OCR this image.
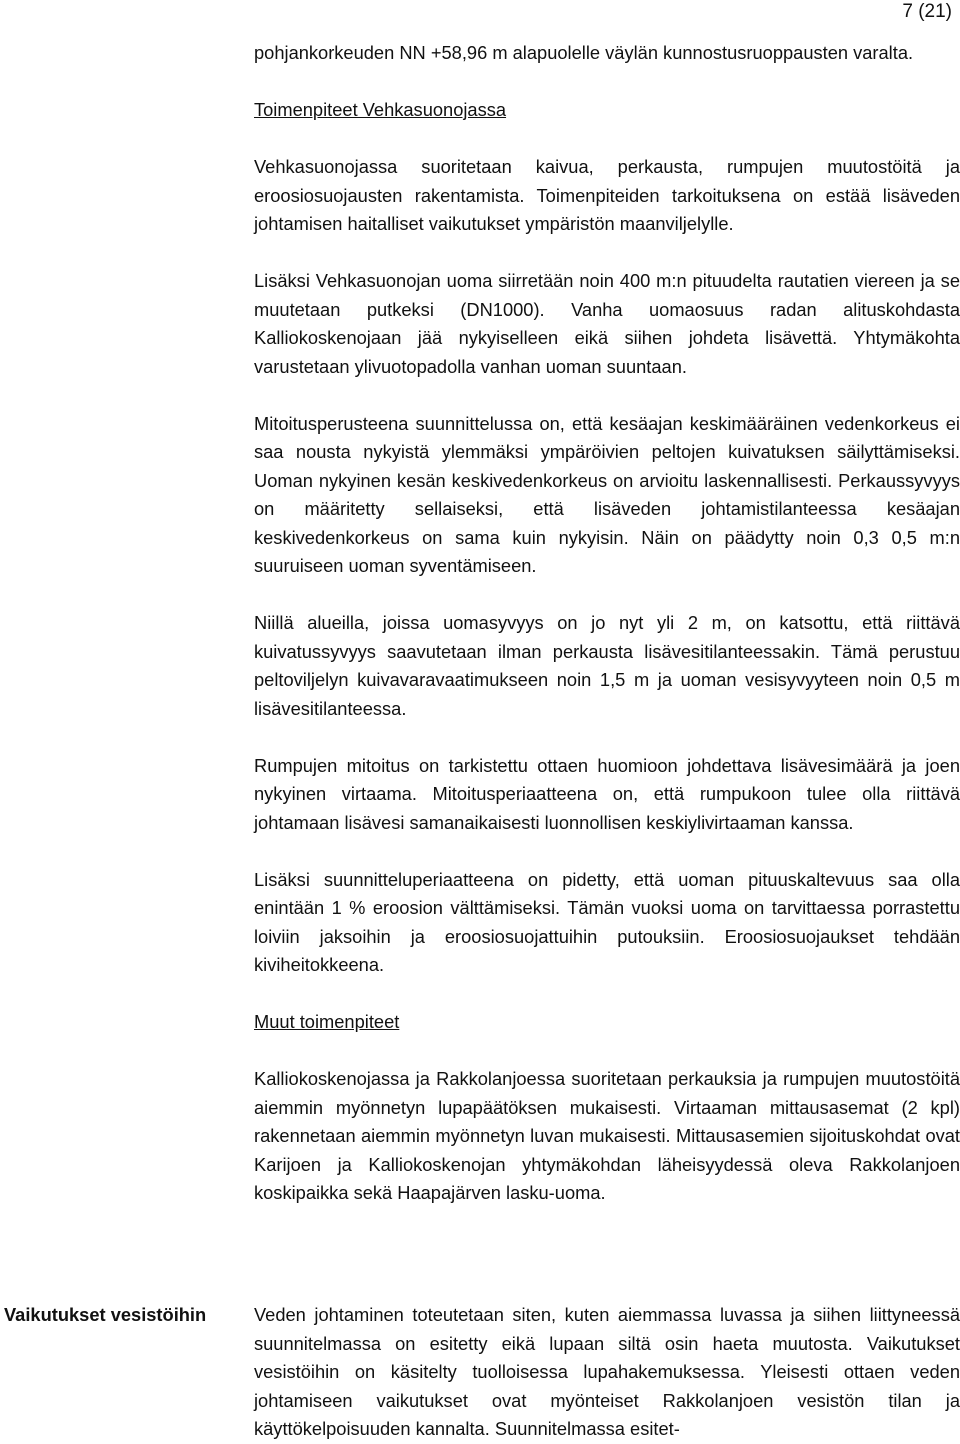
7 (21)

pohjankorkeuden NN +58,96 m alapuolelle väylän kunnostusruoppausten varalta.

Toimenpiteet Vehkasuonojassa

Vehkasuonojassa suoritetaan kaivua, perkausta, rumpujen muutostöitä ja eroosiosuojausten rakentamista. Toimenpiteiden tarkoituksena on estää lisäveden johtamisen haitalliset vaikutukset ympäristön maanviljelylle.

Lisäksi Vehkasuonojan uoma siirretään noin 400 m:n pituudelta rautatien viereen ja se muutetaan putkeksi (DN1000). Vanha uomaosuus radan alituskohdasta Kalliokoskenojaan jää nykyiselleen eikä siihen johdeta lisävettä. Yhtymäkohta varustetaan ylivuotopadolla vanhan uoman suuntaan.

Mitoitusperusteena suunnittelussa on, että kesäajan keskimääräinen vedenkorkeus ei saa nousta nykyistä ylemmäksi ympäröivien peltojen kuivatuksen säilyttämiseksi. Uoman nykyinen kesän keskivedenkorkeus on arvioitu laskennallisesti. Perkaussyvyys on määritetty sellaiseksi, että lisäveden johtamistilanteessa kesäajan keskivedenkorkeus on sama kuin nykyisin. Näin on päädytty noin 0,3 0,5 m:n suuruiseen uoman syventämiseen.

Niillä alueilla, joissa uomasyvyys on jo nyt yli 2 m, on katsottu, että riittävä kuivatussyvyys saavutetaan ilman perkausta lisävesitilanteessakin. Tämä perustuu peltoviljelyn kuivavaravaatimukseen noin 1,5 m ja uoman vesisyvyyteen noin 0,5 m lisävesitilanteessa.

Rumpujen mitoitus on tarkistettu ottaen huomioon johdettava lisävesimäärä ja joen nykyinen virtaama. Mitoitusperiaatteena on, että rumpukoon tulee olla riittävä johtamaan lisävesi samanaikaisesti luonnollisen keskiylivirtaaman kanssa.

Lisäksi suunnitteluperiaatteena on pidetty, että uoman pituuskaltevuus saa olla enintään 1 % eroosion välttämiseksi. Tämän vuoksi uoma on tarvittaessa porrastettu loiviin jaksoihin ja eroosiosuojattuihin putouksiin. Eroosiosuojaukset tehdään kiviheitokkeena.

Muut toimenpiteet

Kalliokoskenojassa ja Rakkolanjoessa suoritetaan perkauksia ja rumpujen muutostöitä aiemmin myönnetyn lupapäätöksen mukaisesti. Virtaaman mittausasemat (2 kpl) rakennetaan aiemmin myönnetyn luvan mukaisesti. Mittausasemien sijoituskohdat ovat Karijoen ja Kalliokoskenojan yhtymäkohdan läheisyydessä oleva Rakkolanjoen koskipaikka sekä Haapajärven lasku-uoma.

Vaikutukset vesistöihin	Veden johtaminen toteutetaan siten, kuten aiemmassa luvassa ja siihen liittyneessä suunnitelmassa on esitetty eikä lupaan siltä osin haeta muutosta. Vaikutukset vesistöihin on käsitelty tuolloisessa lupahakemuksessa. Yleisesti ottaen veden johtamiseen vaikutukset ovat myönteiset Rakkolanjoen vesistön tilan ja käyttökelpoisuuden kannalta. Suunnitelmassa esitet-
